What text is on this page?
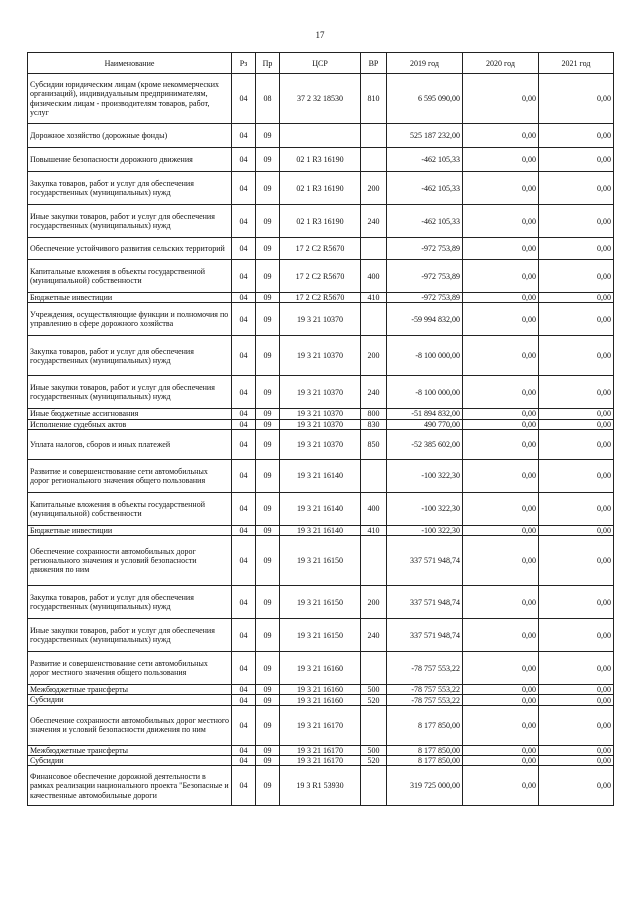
17
Наименование	Рз	Пр	ЦСР	ВР	2019 год	2020 год	2021 год
Субсидии юридическим лицам (кроме некоммерческих организаций), индивидуальным предпринимателям, физическим лицам - производителям товаров, работ, услуг	04	08	37 2 32 18530	810	6 595 090,00	0,00	0,00
Дорожное хозяйство (дорожные фонды)	04	09			525 187 232,00	0,00	0,00
Повышение безопасности дорожного движения	04	09	02 1 R3 16190		-462 105,33	0,00	0,00
Закупка товаров, работ и услуг для обеспечения государственных (муниципальных) нужд	04	09	02 1 R3 16190	200	-462 105,33	0,00	0,00
Иные закупки товаров, работ и услуг для обеспечения государственных (муниципальных) нужд	04	09	02 1 R3 16190	240	-462 105,33	0,00	0,00
Обеспечение устойчивого развития сельских территорий	04	09	17 2 C2 R5670		-972 753,89	0,00	0,00
Капитальные вложения в объекты государственной (муниципальной) собственности	04	09	17 2 C2 R5670	400	-972 753,89	0,00	0,00
Бюджетные инвестиции	04	09	17 2 C2 R5670	410	-972 753,89	0,00	0,00
Учреждения, осуществляющие функции и полномочия по управлению в сфере дорожного хозяйства	04	09	19 3 21 10370		-59 994 832,00	0,00	0,00
Закупка товаров, работ и услуг для обеспечения государственных (муниципальных) нужд	04	09	19 3 21 10370	200	-8 100 000,00	0,00	0,00
Иные закупки товаров, работ и услуг для обеспечения государственных (муниципальных) нужд	04	09	19 3 21 10370	240	-8 100 000,00	0,00	0,00
Иные бюджетные ассигнования	04	09	19 3 21 10370	800	-51 894 832,00	0,00	0,00
Исполнение судебных актов	04	09	19 3 21 10370	830	490 770,00	0,00	0,00
Уплата налогов, сборов и иных платежей	04	09	19 3 21 10370	850	-52 385 602,00	0,00	0,00
Развитие и совершенствование сети автомобильных дорог регионального значения общего пользования	04	09	19 3 21 16140		-100 322,30	0,00	0,00
Капитальные вложения в объекты государственной (муниципальной) собственности	04	09	19 3 21 16140	400	-100 322,30	0,00	0,00
Бюджетные инвестиции	04	09	19 3 21 16140	410	-100 322,30	0,00	0,00
Обеспечение сохранности автомобильных дорог регионального значения и условий безопасности движения по ним	04	09	19 3 21 16150		337 571 948,74	0,00	0,00
Закупка товаров, работ и услуг для обеспечения государственных (муниципальных) нужд	04	09	19 3 21 16150	200	337 571 948,74	0,00	0,00
Иные закупки товаров, работ и услуг для обеспечения государственных (муниципальных) нужд	04	09	19 3 21 16150	240	337 571 948,74	0,00	0,00
Развитие и совершенствование сети автомобильных дорог местного значения общего пользования	04	09	19 3 21 16160		-78 757 553,22	0,00	0,00
Межбюджетные трансферты	04	09	19 3 21 16160	500	-78 757 553,22	0,00	0,00
Субсидии	04	09	19 3 21 16160	520	-78 757 553,22	0,00	0,00
Обеспечение сохранности автомобильных дорог местного значения и условий безопасности движения по ним	04	09	19 3 21 16170		8 177 850,00	0,00	0,00
Межбюджетные трансферты	04	09	19 3 21 16170	500	8 177 850,00	0,00	0,00
Субсидии	04	09	19 3 21 16170	520	8 177 850,00	0,00	0,00
Финансовое обеспечение дорожной деятельности в рамках реализации национального проекта "Безопасные и качественные автомобильные дороги	04	09	19 3 R1 53930		319 725 000,00	0,00	0,00
